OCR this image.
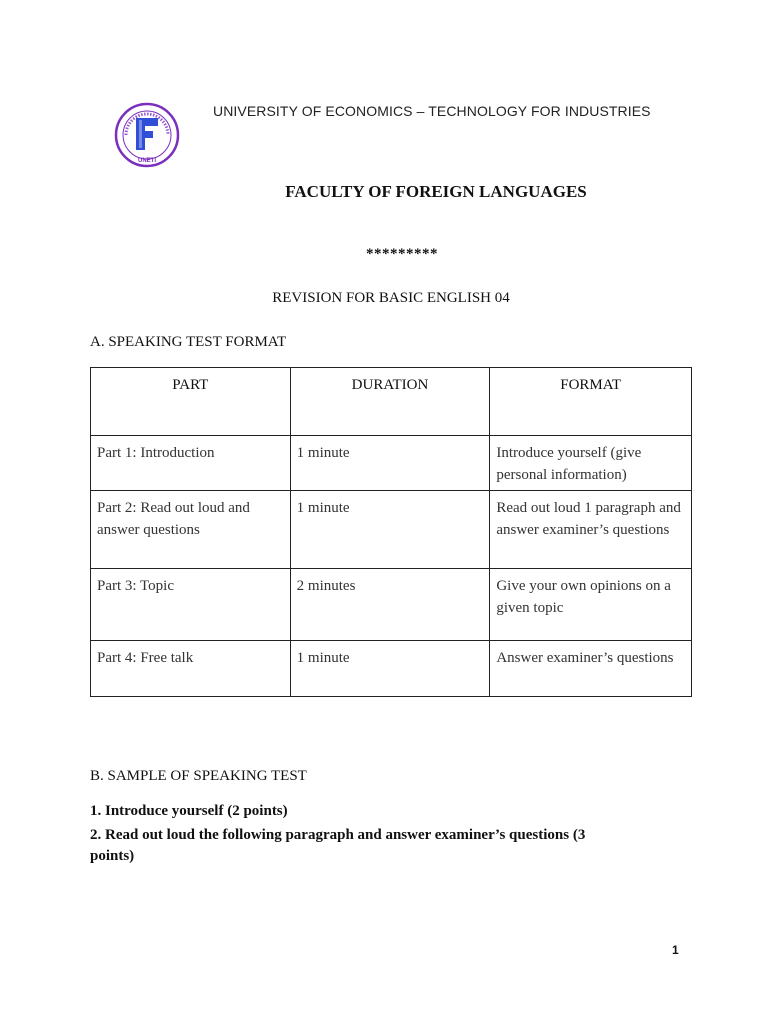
UNETI
UNIVERSITY OF ECONOMICS – TECHNOLOGY FOR INDUSTRIES
FACULTY OF FOREIGN LANGUAGES
*********
REVISION FOR BASIC ENGLISH 04
A. SPEAKING TEST FORMAT
PART	DURATION	FORMAT
Part 1: Introduction	1 minute	Introduce yourself (give personal information)
Part 2: Read out loud and answer questions	1 minute	Read out loud 1 paragraph and answer examiner’s questions
Part 3: Topic	2 minutes	Give your own opinions on a given topic
Part 4: Free talk	1 minute	Answer examiner’s questions
B. SAMPLE OF SPEAKING TEST
1. Introduce yourself (2 points)
2. Read out loud the following paragraph and answer examiner’s questions (3
points)
1
